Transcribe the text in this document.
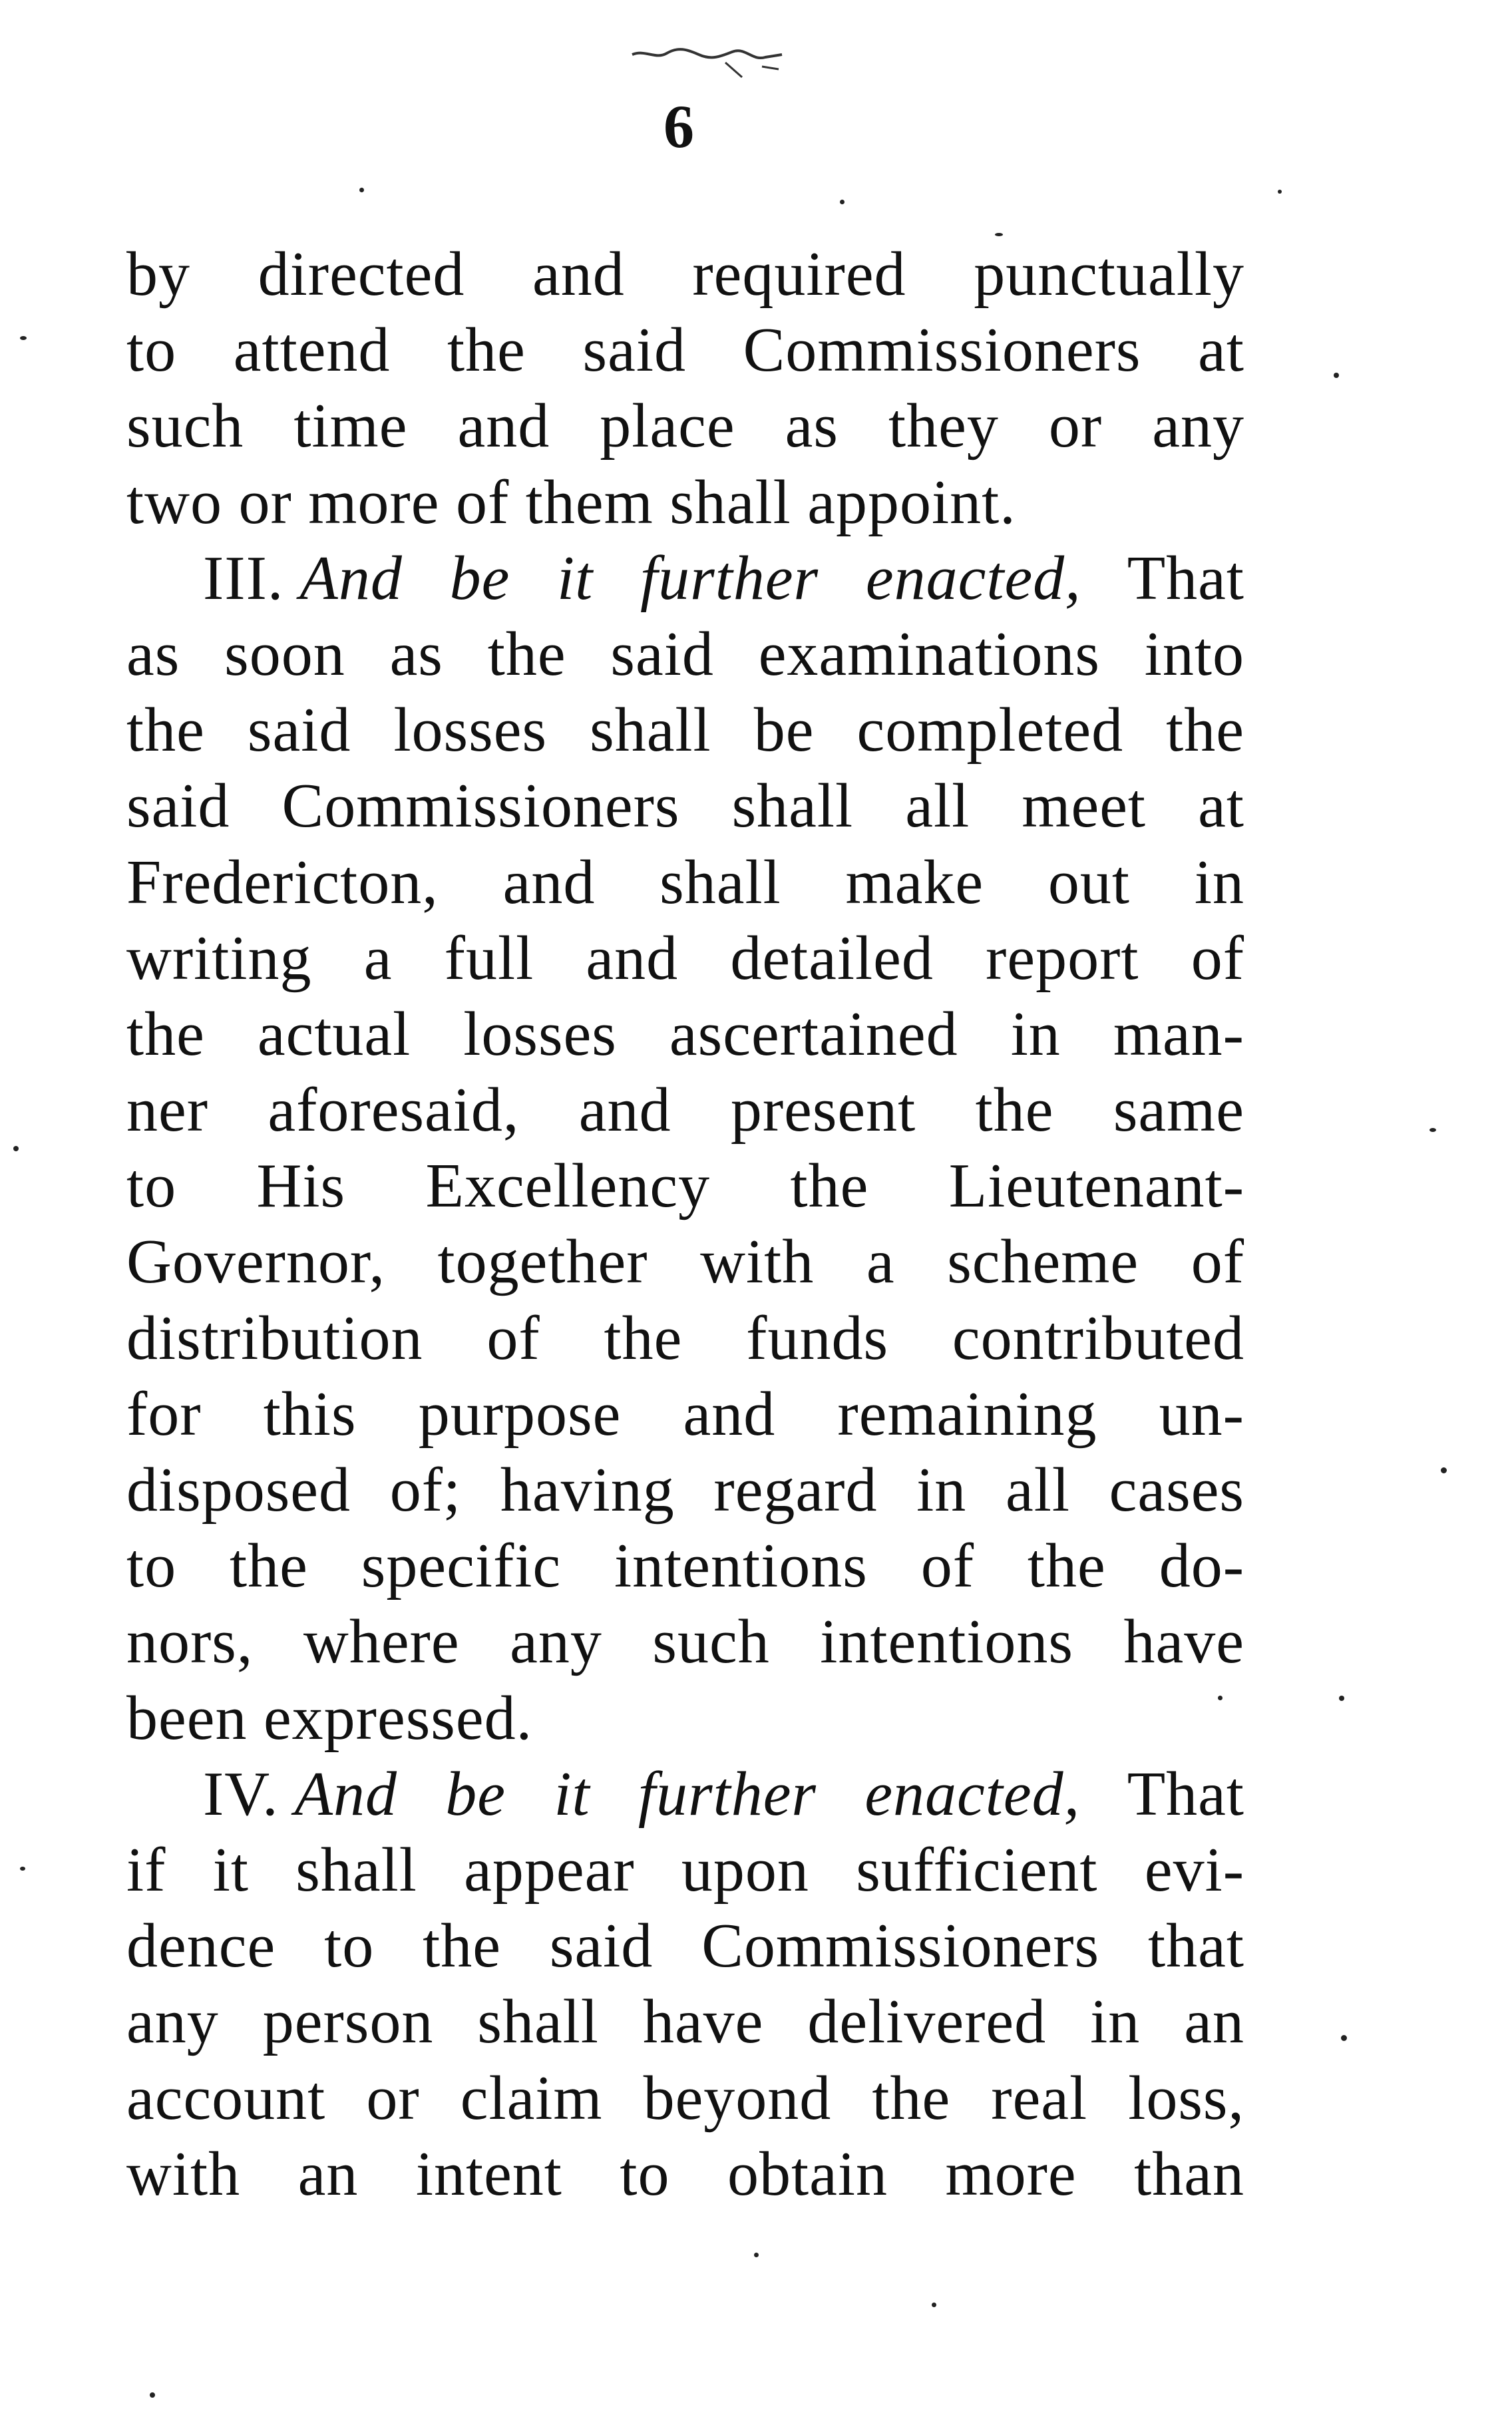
6
by directed and required punctually
to attend the said Commissioners at
such time and place as they or any
two or more of them shall appoint.
III. And be it further enacted, That
as soon as the said examinations into
the said losses shall be completed the
said Commissioners shall all meet at
Fredericton, and shall make out in
writing a full and detailed report of
the actual losses ascertained in man-
ner aforesaid, and present the same
to His Excellency the Lieutenant-
Governor, together with a scheme of
distribution of the funds contributed
for this purpose and remaining un-
disposed of; having regard in all cases
to the specific intentions of the do-
nors, where any such intentions have
been expressed.
IV. And be it further enacted, That
if it shall appear upon sufficient evi-
dence to the said Commissioners that
any person shall have delivered in an
account or claim beyond the real loss,
with an intent to obtain more than
